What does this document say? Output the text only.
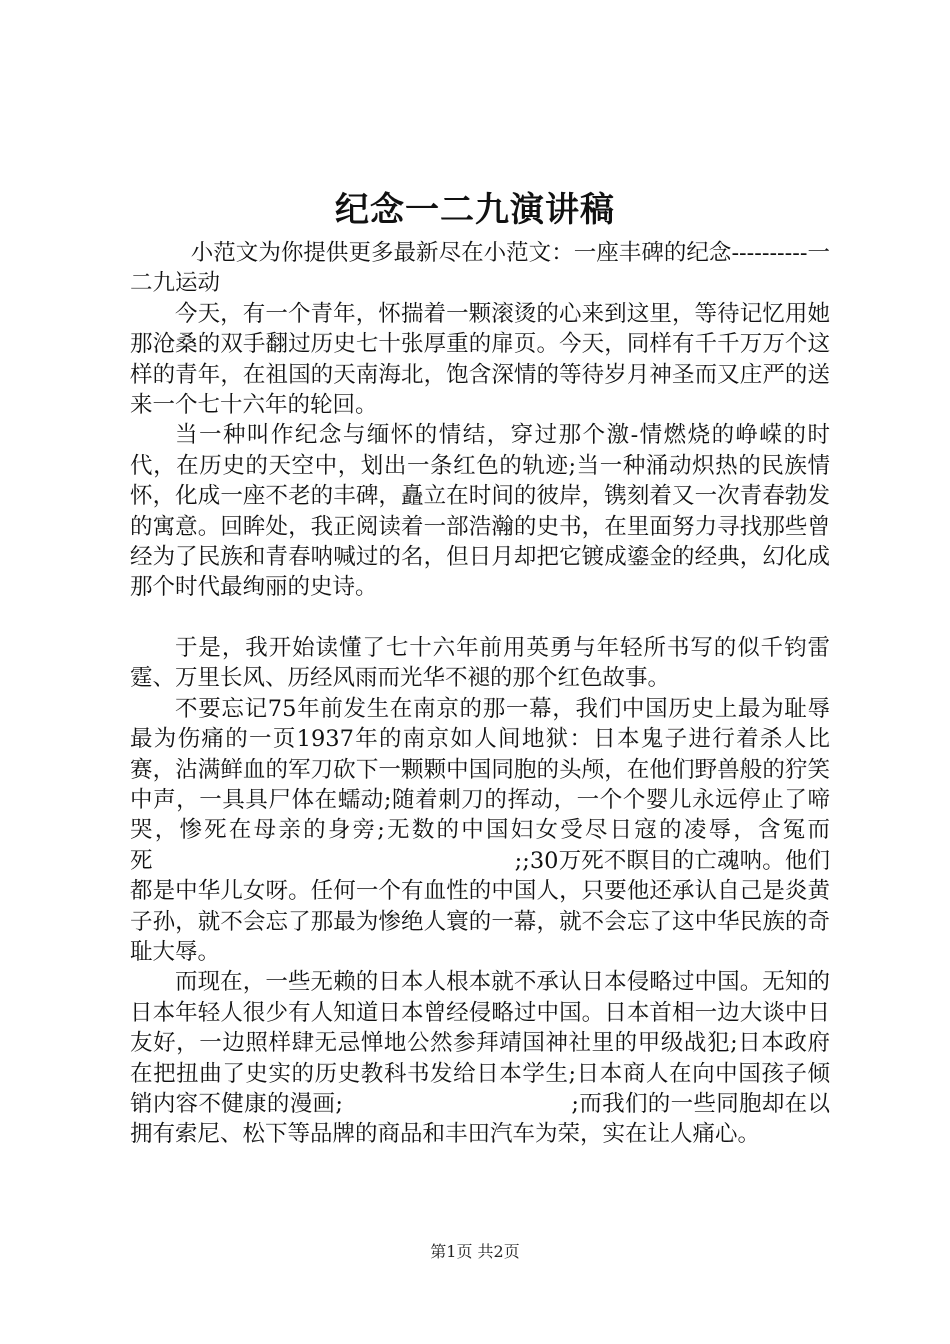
纪念一二九演讲稿

小范文为你提供更多最新尽在小范文：一座丰碑的纪念----------一二九运动

今天，有一个青年，怀揣着一颗滚烫的心来到这里，等待记忆用她那沧桑的双手翻过历史七十张厚重的扉页。今天，同样有千千万万个这样的青年，在祖国的天南海北，饱含深情的等待岁月神圣而又庄严的送来一个七十六年的轮回。

当一种叫作纪念与缅怀的情结，穿过那个激-情燃烧的峥嵘的时代，在历史的天空中，划出一条红色的轨迹;当一种涌动炽热的民族情怀，化成一座不老的丰碑，矗立在时间的彼岸，镌刻着又一次青春勃发的寓意。回眸处，我正阅读着一部浩瀚的史书，在里面努力寻找那些曾经为了民族和青春呐喊过的名，但日月却把它镀成鎏金的经典，幻化成那个时代最绚丽的史诗。

于是，我开始读懂了七十六年前用英勇与年轻所书写的似千钧雷霆、万里长风、历经风雨而光华不褪的那个红色故事。

不要忘记75年前发生在南京的那一幕，我们中国历史上最为耻辱最为伤痛的一页1937年的南京如人间地狱：日本鬼子进行着杀人比赛，沾满鲜血的军刀砍下一颗颗中国同胞的头颅，在他们野兽般的狞笑中声，一具具尸体在蠕动;随着刺刀的挥动，一个个婴儿永远停止了啼哭，惨死在母亲的身旁;无数的中国妇女受尽日寇的凌辱，含冤而死　　　　　　　　　　　　　　　　;;30万死不瞑目的亡魂呐。他们都是中华儿女呀。任何一个有血性的中国人，只要他还承认自己是炎黄子孙，就不会忘了那最为惨绝人寰的一幕，就不会忘了这中华民族的奇耻大辱。

而现在，一些无赖的日本人根本就不承认日本侵略过中国。无知的日本年轻人很少有人知道日本曾经侵略过中国。日本首相一边大谈中日友好，一边照样肆无忌惮地公然参拜靖国神社里的甲级战犯;日本政府在把扭曲了史实的历史教科书发给日本学生;日本商人在向中国孩子倾销内容不健康的漫画;　　　　　　　　　　;而我们的一些同胞却在以拥有索尼、松下等品牌的商品和丰田汽车为荣，实在让人痛心。

第1页 共2页
